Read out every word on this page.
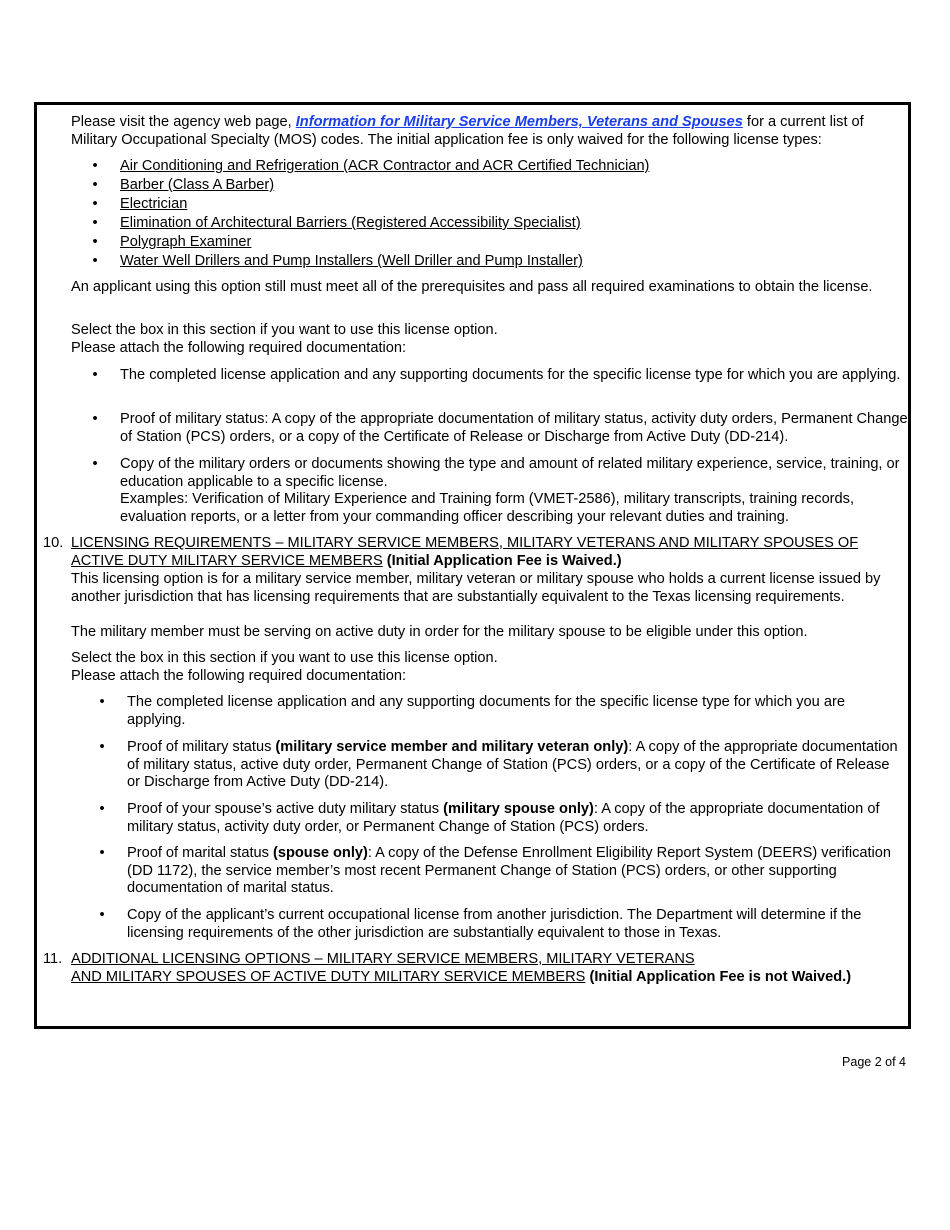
Please visit the agency web page, Information for Military Service Members, Veterans and Spouses for a current list of Military Occupational Specialty (MOS) codes. The initial application fee is only waived for the following license types:

• Air Conditioning and Refrigeration (ACR Contractor and ACR Certified Technician)
• Barber (Class A Barber)
• Electrician
• Elimination of Architectural Barriers (Registered Accessibility Specialist)
• Polygraph Examiner
• Water Well Drillers and Pump Installers (Well Driller and Pump Installer)

An applicant using this option still must meet all of the prerequisites and pass all required examinations to obtain the license.

Select the box in this section if you want to use this license option.

Please attach the following required documentation:

• The completed license application and any supporting documents for the specific license type for which you are applying.

• Proof of military status: A copy of the appropriate documentation of military status, activity duty orders, Permanent Change of Station (PCS) orders, or a copy of the Certificate of Release or Discharge from Active Duty (DD-214).

• Copy of the military orders or documents showing the type and amount of related military experience, service, training, or education applicable to a specific license.

Examples: Verification of Military Experience and Training form (VMET-2586), military transcripts, training records, evaluation reports, or a letter from your commanding officer describing your relevant duties and training.

10. LICENSING REQUIREMENTS – MILITARY SERVICE MEMBERS, MILITARY VETERANS AND MILITARY SPOUSES OF ACTIVE DUTY MILITARY SERVICE MEMBERS (Initial Application Fee is Waived.)

This licensing option is for a military service member, military veteran or military spouse who holds a current license issued by another jurisdiction that has licensing requirements that are substantially equivalent to the Texas licensing requirements.

The military member must be serving on active duty in order for the military spouse to be eligible under this option.

Select the box in this section if you want to use this license option.

Please attach the following required documentation:

• The completed license application and any supporting documents for the specific license type for which you are applying.

• Proof of military status (military service member and military veteran only): A copy of the appropriate documentation of military status, active duty order, Permanent Change of Station (PCS) orders, or a copy of the Certificate of Release or Discharge from Active Duty (DD-214).

• Proof of your spouse’s active duty military status (military spouse only): A copy of the appropriate documentation of military status, activity duty order, or Permanent Change of Station (PCS) orders.

• Proof of marital status (spouse only): A copy of the Defense Enrollment Eligibility Report System (DEERS) verification (DD 1172), the service member’s most recent Permanent Change of Station (PCS) orders, or other supporting documentation of marital status.

• Copy of the applicant’s current occupational license from another jurisdiction. The Department will determine if the licensing requirements of the other jurisdiction are substantially equivalent to those in Texas.

11. ADDITIONAL LICENSING OPTIONS – MILITARY SERVICE MEMBERS, MILITARY VETERANS
AND MILITARY SPOUSES OF ACTIVE DUTY MILITARY SERVICE MEMBERS (Initial Application Fee is not Waived.)
Page 2 of 4
